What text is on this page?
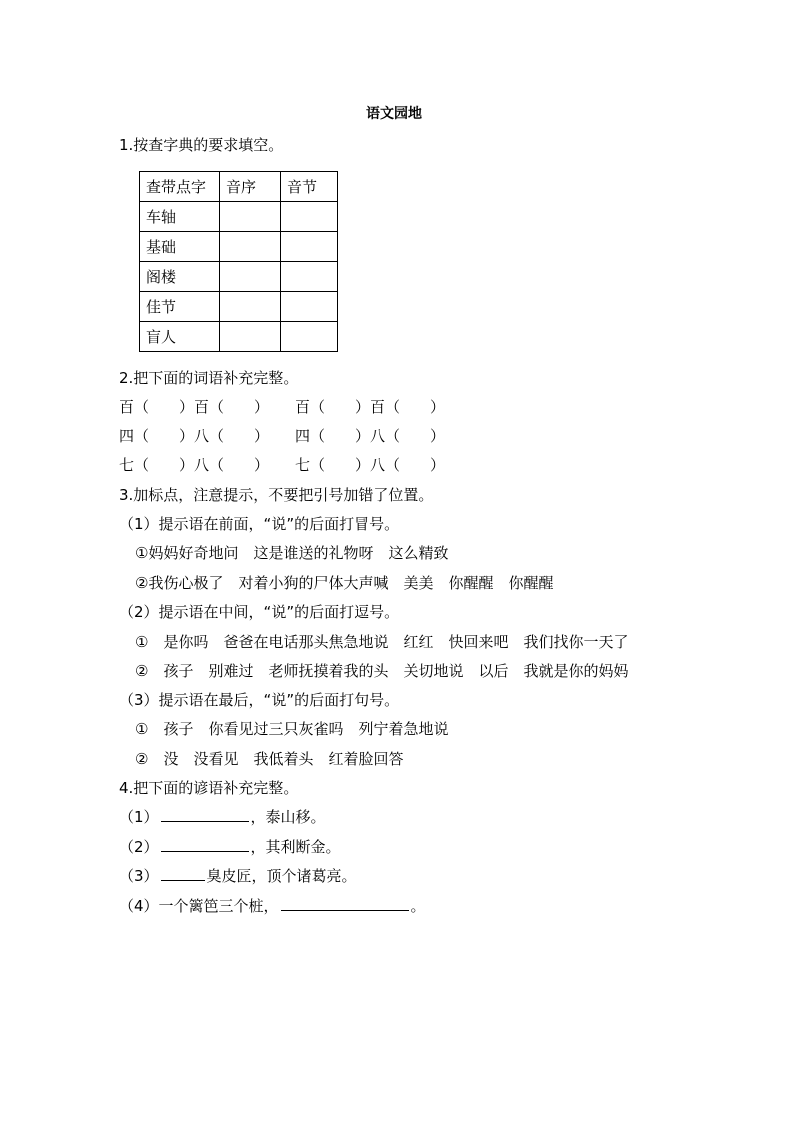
语文园地
1.按查字典的要求填空。
查带点字	音序	音节
车轴		
基础		
阁楼		
佳节		
盲人		
2.把下面的词语补充完整。
百（　　）百（　　） 百（　　）百（　　）
四（　　）八（　　） 四（　　）八（　　）
七（　　）八（　　） 七（　　）八（　　）
3.加标点，注意提示，不要把引号加错了位置。
（1）提示语在前面，“说”的后面打冒号。
①妈妈好奇地问　这是谁送的礼物呀　这么精致
②我伤心极了　对着小狗的尸体大声喊　美美　你醒醒　你醒醒
（2）提示语在中间，“说”的后面打逗号。
①　是你吗　爸爸在电话那头焦急地说　红红　快回来吧　我们找你一天了
②　孩子　别难过　老师抚摸着我的头　关切地说　以后　我就是你的妈妈
（3）提示语在最后，“说”的后面打句号。
①　孩子　你看见过三只灰雀吗　列宁着急地说
②　没　没看见　我低着头　红着脸回答
4.把下面的谚语补充完整。
（1）	，泰山移。
（2）	，其利断金。
（3）	臭皮匠，顶个诸葛亮。
（4）一个篱笆三个桩，	。
